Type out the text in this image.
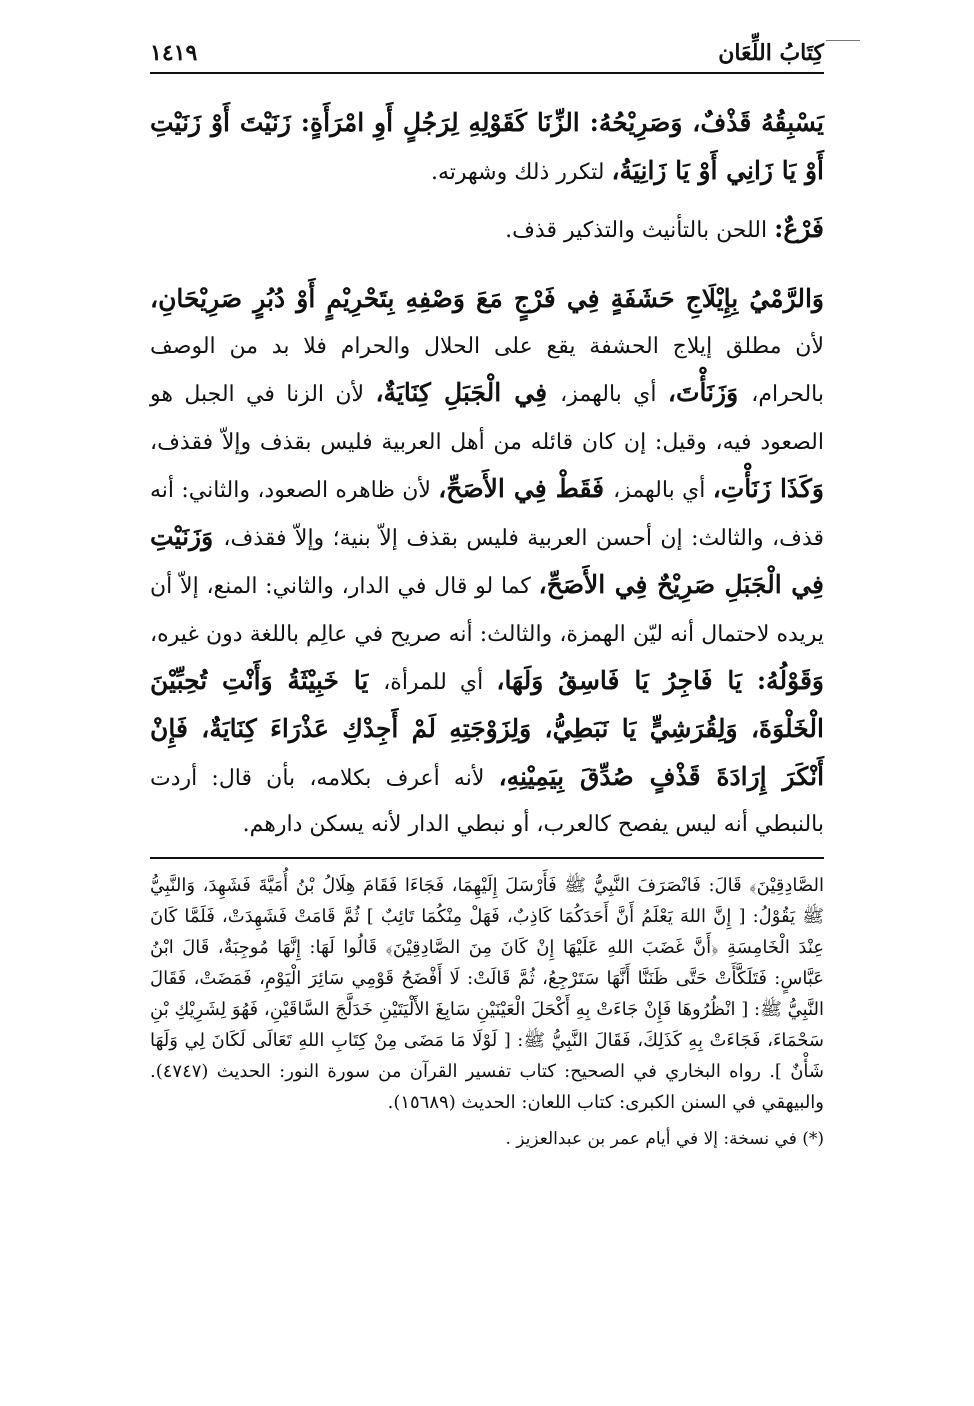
كِتَابُ اللِّعَان
١٤١٩

يَسْبِقُهُ قَذْفٌ، وَصَرِيْحُهُ: الزِّنَا كَقَوْلِهِ لِرَجُلٍ أَوِ امْرَأَةٍ: زَنَيْتَ أَوْ زَنَيْتِ أَوْ يَا زَانِي أَوْ يَا زَانِيَةُ، لتكرر ذلك وشهرته.

فَرْعٌ: اللحن بالتأنيث والتذكير قذف.

وَالرَّمْيُ بِإِيْلَاجِ حَشَفَةٍ فِي فَرْجٍ مَعَ وَصْفِهِ بِتَحْرِيْمٍ أَوْ دُبُرٍ صَرِيْحَانِ، لأن مطلق إيلاج الحشفة يقع على الحلال والحرام فلا بد من الوصف بالحرام، وَزَنَأْتَ، أي بالهمز، فِي الْجَبَلِ كِنَايَةٌ، لأن الزنا في الجبل هو الصعود فيه، وقيل: إن كان قائله من أهل العربية فليس بقذف وإلاّ فقذف، وَكَذَا زَنَأْتِ، أي بالهمز، فَقَطْ فِي الأَصَحِّ، لأن ظاهره الصعود، والثاني: أنه قذف، والثالث: إن أحسن العربية فليس بقذف إلاّ بنية؛ وإلاّ فقذف، وَزَنَيْتِ فِي الْجَبَلِ صَرِيْحٌ فِي الأَصَحِّ، كما لو قال في الدار، والثاني: المنع، إلاّ أن يريده لاحتمال أنه ليّن الهمزة، والثالث: أنه صريح في عالِم باللغة دون غيره، وَقَوْلُهُ: يَا فَاجِرُ يَا فَاسِقُ وَلَهَا، أي للمرأة، يَا خَبِيْثَةُ وَأَنْتِ تُحِبِّيْنَ الْخَلْوَةَ، وَلِقُرَشِيٍّ يَا نَبَطِيُّ، وَلِزَوْجَتِهِ لَمْ أَجِدْكِ عَذْرَاءَ كِنَايَةٌ، فَإِنْ أَنْكَرَ إِرَادَةَ قَذْفٍ صُدِّقَ بِيَمِيْنِهِ، لأنه أعرف بكلامه، بأن قال: أردت بالنبطي أنه ليس يفصح كالعرب، أو نبطي الدار لأنه يسكن دارهم.

الصَّادِقِيْنَ﴾ قَالَ: فَانْصَرَفَ النَّبِيُّ ﷺ فَأَرْسَلَ إِلَيْهِمَا، فَجَاءَا فَقَامَ هِلَالُ بْنُ أُمَيَّةَ فَشَهِدَ، وَالنَّبِيُّ ﷺ يَقُوْلُ: [ إِنَّ اللهَ يَعْلَمُ أَنَّ أَحَدَكُمَا كَاذِبٌ، فَهَلْ مِنْكُمَا تَائِبٌ ] ثُمَّ قَامَتْ فَشَهِدَتْ، فَلَمَّا كَانَ عِنْدَ الْخَامِسَةِ ﴿أَنَّ غَضَبَ اللهِ عَلَيْهَا إِنْ كَانَ مِنَ الصَّادِقِيْنَ﴾ قَالُوا لَهَا: إِنَّهَا مُوجِبَةٌ، قَالَ ابْنُ عَبَّاسٍ: فَتَلَكَّأَتْ حَتَّى ظَنَنَّا أَنَّهَا سَتَرْجِعُ، ثُمَّ قَالَتْ: لَا أَفْضَحُ قَوْمِي سَائِرَ الْيَوْمِ، فَمَضَتْ، فَقَالَ النَّبِيُّ ﷺ: [ انْظُرُوهَا فَإِنْ جَاءَتْ بِهِ أَكْحَلَ الْعَيْنَيْنِ سَابِغَ الأَلْيَتَيْنِ خَدَلَّجَ السَّاقَيْنِ، فَهُوَ لِشَرِيْكِ بْنِ سَحْمَاءَ، فَجَاءَتْ بِهِ كَذَلِكَ، فَقَالَ النَّبِيُّ ﷺ: [ لَوْلَا مَا مَضَى مِنْ كِتَابِ اللهِ تَعَالَى لَكَانَ لِي وَلَهَا شَأْنٌ ]. رواه البخاري في الصحيح: كتاب تفسير القرآن من سورة النور: الحديث (٤٧٤٧). والبيهقي في السنن الكبرى: كتاب اللعان: الحديث (١٥٦٨٩).

(*) في نسخة: إلا في أيام عمر بن عبدالعزيز .
